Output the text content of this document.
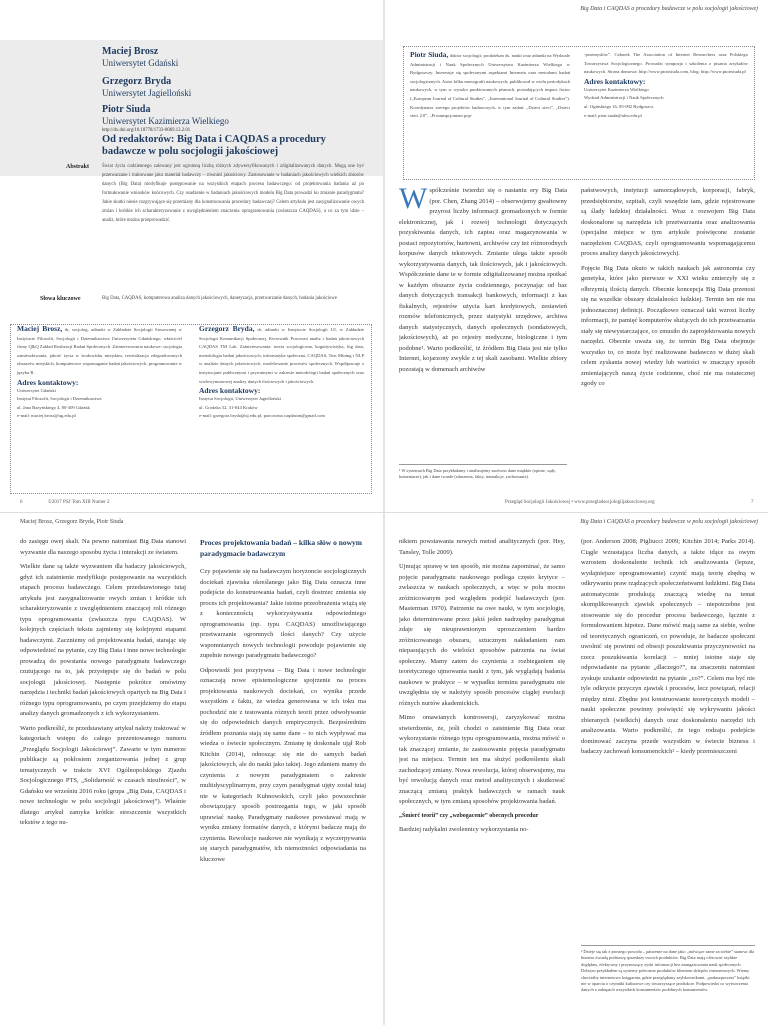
Maciej Brosz
Uniwersytet Gdański
Grzegorz Bryda
Uniwersytet Jagielloński
Piotr Siuda
Uniwersytet Kazimierza Wielkiego
http://dx.doi.org/10.18778/1733-8069.13.2.01
Od redaktorów: Big Data i CAQDAS a procedury badawcze w polu socjologii jakościowej
Abstrakt	Świat życia codziennego zalewany jest ogromną liczbą różnych zdywersyfikowanych i zdigitalizowanych danych. Mogą one być przetwarzane i traktowane jako materiał badawczy – również jakościowy. Zastosowanie w badaniach jakościowych wielkich zbiorów danych (Big Data) modyfikuje postępowanie na wszystkich etapach procesu badawczego: od projektowania badania aż po formułowanie wniosków końcowych. Czy osadzenie w badaniach jakościowych modelu Big Data prowadzi ku zmianie paradygmatu? Jakie skutki niesie rozgrywające się przemiany dla konstruowania procedury badawczej? Celem artykułu jest zasygnalizowanie owych zmian i krótkie ich scharakteryzowanie z uwzględnieniem znaczenia oprogramowania (zwłaszcza CAQDAS), a co za tym idzie – analiz, które można przeprowadzić.
Słowa kluczowe	Big Data, CAQDAS, komputerowa analiza danych jakościowych, danetyzacja, przetwarzanie danych, badania jakościowe
Maciej Brosz, dr, socjolog, adiunkt w Zakładzie Socjologii Stosowanej w Instytucie Filozofii, Socjologii i Dziennikarstwa Uniwersytetu Gdańskiego, właściciel firmy Q&Q Zakład Realizacji Badań Społecznych. Zainteresowania naukowe: socjologia zamieszkiwania, jakość życia w środowisku miejskim, rewitalizacja zdegradowanych obszarów miejskich, komputerowe wspomaganie badań jakościowych, programowanie w języku R.
Adres kontaktowy:
Uniwersytet Gdański
Instytut Filozofii, Socjologii i Dziennikarstwa
ul. Jana Bażyńskiego 4, 80-309 Gdańsk
e-mail: maciej.brosz@ug.edu.pl
Grzegorz Bryda, dr, adiunkt w Instytucie Socjologii UJ, w Zakładzie Socjologii Komunikacji Społecznej, Kierownik Pracowni analiz i badań jakościowych CAQDAS TM Lab. Zainteresowania: teoria socjologiczna, kognitywistyka, big data, metodologia badań jakościowych, informatyka społeczna, CAQDAS, Text Mining i NLP w analizie danych jakościowych, modelowanie procesów społecznych. Współpracuje z instytucjami publicznymi i prywatnymi w zakresie metodologii badań społecznych oraz wielowymiarowej analizy danych ilościowych i jakościowych.
Adres kontaktowy:
Instytut Socjologii, Uniwersytet Jagielloński
ul. Grodzka 52, 31-044 Kraków
e-mail: grzegorz.bryda@uj.edu.pl; pracownia.caqdastm@gmail.com
6	©2017 PSJ Tom XIII Numer 2
Big Data i CAQDAS a procedury badawcze w polu socjologii jakościowej
Piotr Siuda, doktor socjologii; prodziekan ds. nauki oraz adiunkt na Wydziale Administracji i Nauk Społecznych Uniwersytetu Kazimierza Wielkiego w Bydgoszczy. Interesuje się społecznymi aspektami Internetu oraz metodami badań socjologicznych. Autor kilku monografii naukowych; publikował w wielu periodykach naukowych, w tym w wysoko punktowanych pismach, posiadających impact factor („European Journal of Cultural Studies”, „International Journal of Cultural Studies”). Koordynator szeregu projektów badawczych, w tym zadań: „Dzieci sieci”, „Dzieci sieci 2.0”, „Prosumpcjonizm pop-
-przemysłów”. Członek The Association of Internet Researchers oraz Polskiego Towarzystwa Socjologicznego. Prowadzi sympozja i szkolenia z pisania artykułów naukowych. Strona domowa: http://www.piotrsiuda.com, blog: http://www.piotrsiuda.pl
Adres kontaktowy:
Uniwersytet Kazimierza Wielkiego
Wydział Administracji i Nauk Społecznych
ul. Ogińskiego 16, 85-092 Bydgoszcz
e-mail: piotr.siuda@ukw.edu.pl
Współcześnie twierdzi się o nastaniu ery Big Data (por. Chen, Zhang 2014) – obserwujemy gwałtowny przyrost liczby informacji gromadzonych w formie elektronicznej, jak i rozwój technologii dotyczących pozyskiwania danych, ich zapisu oraz magazynowania w postaci repozytoriów, hurtowni, archiwów czy też różnorodnych korpusów danych tekstowych. Zmianie ulega także sposób wykorzystywania danych, tak ilościowych, jak i jakościowych. Współcześnie dane te w formie zdigitalizowanej można spotkać w każdym obszarze życia codziennego, poczynając od baz danych dotyczących transakcji bankowych, informacji z kas fiskalnych, rejestrów użycia kart kredytowych, zestawień rozmów telefonicznych, przez statystyki urzędowe, archiwa danych statystycznych, danych społecznych (sondażowych, jakościowych), aż po rejestry medyczne, biologiczne i tym podobne¹. Warto podkreślić, iż źródłem Big Data jest nie tylko Internet, kojarzony zwykle z tej skali zasobami. Wielkie zbiory pozostają w domenach archiwów
¹ W systemach Big Data przykładamy i analizujemy zarówno dane miękkie (opinie, sądy, komentarze), jak i dane twarde (zdarzenia, fakty, transakcje, zachowania).

państwowych, instytucji samorządowych, korporacji, fabryk, przedsiębiorstw, szpitali, czyli wszędzie tam, gdzie rejestrowane są ślady ludzkiej działalności. Wraz z rozwojem Big Data doskonalone są narzędzia ich przetwarzania oraz analizowania (specjalne miejsce w tym artykule poświęcone zostanie narzędziom CAQDAS, czyli oprogramowaniu wspomagającemu proces analizy danych jakościowych).

Pojęcie Big Data ukuto w takich naukach jak astronomia czy genetyka, które jako pierwsze w XXI wieku zmierzyły się z olbrzymią ilością danych. Obecnie koncepcja Big Data przenosi się na wszelkie obszary działalności ludzkiej. Termin ten nie ma jednoznacznej definicji. Początkowo oznaczał taki wzrost liczby informacji, że pamięć komputerów służących do ich przetwarzania stały się niewystarczające, co zmusiło do zaprojektowania nowych narzędzi. Obecnie uważa się, że termin Big Data obejmuje wszystko to, co może być realizowane badawczo w dużej skali celem zyskania nowej wiedzy lub wartości w znaczący sposób zmieniających naszą życie codzienne, choć nie ma ostatecznej zgody co

Przegląd Socjologii Jakościowej • www.przegladsocjologiijakosciowej.org	7
Maciej Brosz, Grzegorz Bryda, Piotr Siuda

do zasięgu owej skali. Na pewno natomiast Big Data stanowi wyzwanie dla naszego sposobu życia i interakcji ze światem.

Wielkie dane są także wyzwaniem dla badaczy jakościowych, gdyż ich zaistnienie modyfikuje postępowanie na wszystkich etapach procesu badawczego. Celem przedstawionego tutaj artykułu jest zasygnalizowanie owych zmian i krótkie ich scharakteryzowanie z uwzględnieniem znaczącej roli różnego typu oprogramowania (zwłaszcza typu CAQDAS). W kolejnych częściach tekstu zajmiemy się kolejnymi etapami badawczymi. Zaczniemy od projektowania badań, starając się odpowiedzieć na pytanie, czy Big Data i inne nowe technologie prowadzą do powstania nowego paradygmatu badawczego rzutującego na to, jak przystępuje się do badań w polu socjologii jakościowej. Następnie pokrótce omówimy narzędzia i techniki badań jakościowych opartych na Big Data i różnego typu oprogramowaniu, po czym przejdziemy do etapu analizy danych gromadzonych z ich wykorzystaniem.

Warto podkreślić, że przedstawiany artykuł należy traktować w kategoriach wstępu do całego prezentowanego numeru „Przeglądu Socjologii Jakościowej”. Zawarte w tym numerze publikacje są pokłosiem zorganizowania jednej z grup tematycznych w trakcie XVI Ogólnopolskiego Zjazdu Socjologicznego PTS, „Solidarność w czasach nieufności”, w Gdańsku we wrześniu 2016 roku (grupa „Big Data, CAQDAS i nowe technologie w polu socjologii jakościowej”). Właśnie dlatego artykuł zamyka krótkie streszczenie wszystkich tekstów z tego nu-

Proces projektowania badań – kilka słów o nowym paradygmacie badawczym

Czy pojawienie się na badawczym horyzoncie socjologicznych dociekań zjawiska określanego jako Big Data oznacza inne podejście do konstruowania badań, czyli dostrzec zmienia się proces ich projektowania? Jakie istotne przeobrażenia wiążą się z koniecznością wykorzystywania odpowiedniego oprogramowania (np. typu CAQDAS) umożliwiającego przetwarzanie ogromnych ilości danych? Czy użycie wspomnianych nowych technologii powoduje pojawienie się zupełnie nowego paradygmatu badawczego?

Odpowiedź jest pozytywna – Big Data i nowe technologie oznaczają nowe epistemologiczne spojrzenie na proces projektowania naukowych dociekań, co wynika przede wszystkim z faktu, że wiedza generowana w ich toku ma pochodzić nie z testowania różnych teorii przez odwoływanie się do odpowiednich danych empirycznych. Bezpośrednim źródłem poznania stają się same dane – to nich wypływać ma wiedza o świecie społecznym. Zmianę tę doskonale ujął Rob Kitchin (2014), odnosząc się nie do samych badań jakościowych, ale do nauki jako takiej. Jego zdaniem mamy do czynienia z nowym paradygmatem o zakresie multidyscyplinarnym, przy czym paradygmat ujęty został tutaj nie w kategoriach Kuhnowskich, czyli jako powszechnie obowiązujący sposób postrzegania tego, w jaki sposób uprawiać naukę. Paradygmaty naukowe powstawać mają w wyniku zmiany formatów danych, z którymi badacze mają do czynienia. Rewolucje naukowe nie wynikają z wyczerpywania się starych paradygmatów, ich niemożności odpowiadania na kluczowe

Big Data i CAQDAS a procedury badawcze w polu socjologii jakościowej

nikiem powstawania nowych metod analitycznych (por. Hey, Tansley, Tolle 2009).

Ujmując sprawę w ten sposób, nie można zapominać, że samo pojęcie paradygmatu naukowego podlega często krytyce – zwłaszcza w naukach społecznych, a więc w polu mocno zróżnicowanym pod względem podejść badawczych (por. Masterman 1970). Patrzenie na owe nauki, w tym socjologię, jako determinowane przez jakiś jeden nadrzędny paradygmat zdaje się nieuprawnionym uproszczeniem bardzo zróżnicowanego obszaru, sztucznym nakładaniem ram niepasujących do wielości sposobów patrzenia na świat społeczny. Mamy zatem do czynienia z rozbieganiem się teoretycznego ujmowania nauki z tym, jak wyglądają badania naukowe w praktyce – w wypadku terminu paradygmatu nie uwzględnia się w należyty sposób procesów ciągłej ewolucji różnych nurtów akademickich.

Mimo omawianych kontrowersji, zaryzykować można stwierdzenie, że, jeśli chodzi o zaistnienie Big Data oraz wykorzystanie różnego typu oprogramowania, można mówić o tak znaczącej zmianie, że zastosowanie pojęcia paradygmatu jest na miejscu. Termin ten ma służyć podkreśleniu skali zachodzącej zmiany. Nowa rewolucja, której obserwujemy, ma być rewolucją danych oraz metod analitycznych i skutkować znaczącą zmianą praktyk badawczych w ramach nauk społecznych, w tym zmianą sposobów projektowania badań.

„Śmierć teorii” czy „wzbogacenie” obecnych procedur

Bardziej radykalni zwolennicy wykorzystania no-

(por. Anderson 2008; Pigliucci 2009; Kitchin 2014; Parks 2014). Ciągle wzrastająca liczba danych, a także idące za owym wzrostem doskonalenie technik ich analizowania (lepsze, wydajniejsze oprogramowanie) czynić mają teorię zbędną w odkrywaniu praw rządzących społeczeństwami ludzkimi. Big Data automatycznie produkują znaczącą wiedzę na temat skomplikowanych zjawisk społecznych – niepotrzebne jest stosowanie się do procedur procesu badawczego, łącznie z formułowaniem hipotez. Dane mówić mają same za siebie, wolne od teoretycznych ograniczeń, co powoduje, że badacze społeczni uwolnić się powinni od obsesji poszukiwania przyczynowości na rzecz poszukiwania korelacji – mniej istotne staje się odpowiadanie na pytanie „dlaczego?”, na znaczeniu natomiast zyskuje szukanie odpowiedzi na pytanie „co?”. Celem ma być nie tyle odkrycie przyczyn zjawisk i procesów, lecz powiązań, relacji między nimi. Zbędne jest konstruowanie teoretycznych modeli – nauki społeczne powinny poświęcić się wykrywaniu jakości zbieranych (wielkich) danych oraz doskonaleniu narzędzi ich analizowania. Warto podkreślić, że tego rodzaju podejście dominować zaczyna przede wszystkim w świecie biznesu i badaczy zachowań konsumenckich² – kiedy przemieszczeni

² Dzieje się tak z prostego powodu – patrzenie na dane jako „mówiące same za siebie” stanowi dla biznesu światłą podstawę sprzedaży swoich produktów. Big Data mają oferować szybkie dogłębny, efektywny i przynoszący zyski informacji bez zaangażowania nauk społecznych. Dobrym przykładem są systemy polecania produktów klientom sklepów internetowych. Wiemy chociażby internetowo księgarnia, gdzie przeglądamy szybkownikami, „podaszpocrasa” książki nie w oparciu o czynniki kulturowe czy towarzyszące produkcie. Podpowiedzi co wytworzenia danych o zakupach wszystkich konsumentów podobnych konsumentów.
